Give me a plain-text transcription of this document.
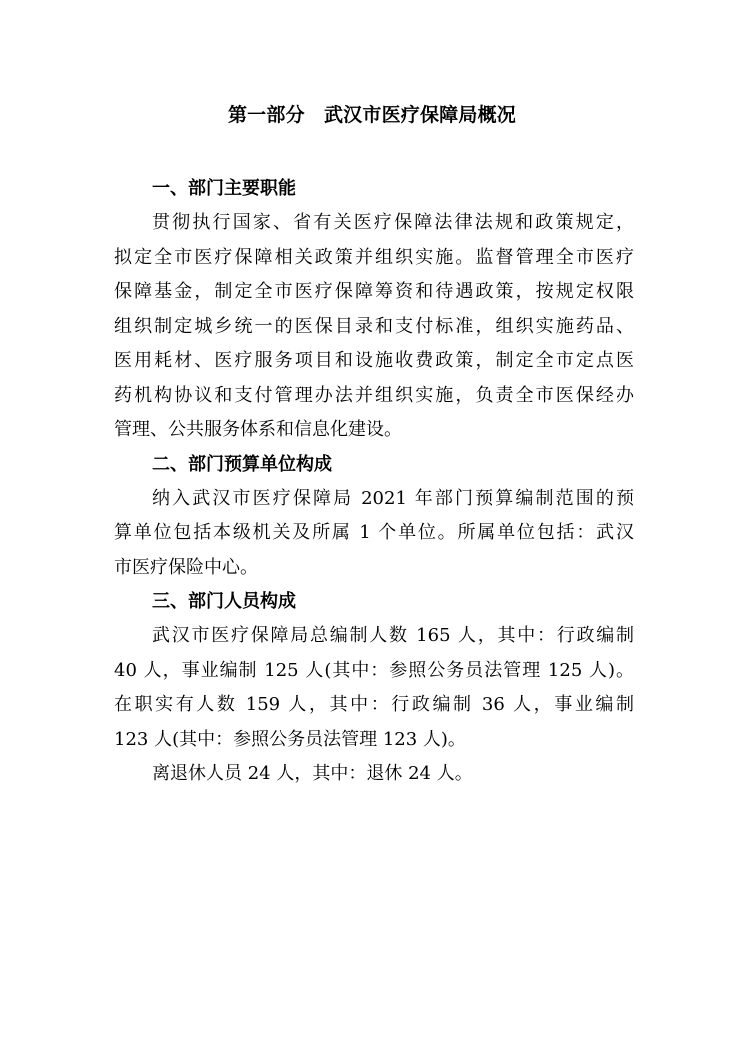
第一部分　武汉市医疗保障局概况
一、部门主要职能
贯彻执行国家、省有关医疗保障法律法规和政策规定，
拟定全市医疗保障相关政策并组织实施。监督管理全市医疗
保障基金，制定全市医疗保障筹资和待遇政策，按规定权限
组织制定城乡统一的医保目录和支付标准，组织实施药品、
医用耗材、医疗服务项目和设施收费政策，制定全市定点医
药机构协议和支付管理办法并组织实施，负责全市医保经办
管理、公共服务体系和信息化建设。
二、部门预算单位构成
纳入武汉市医疗保障局 2021 年部门预算编制范围的预
算单位包括本级机关及所属 1 个单位。所属单位包括：武汉
市医疗保险中心。
三、部门人员构成
武汉市医疗保障局总编制人数 165 人，其中：行政编制
40 人，事业编制 125 人(其中：参照公务员法管理 125 人)。
在职实有人数 159 人，其中：行政编制 36 人，事业编制
123 人(其中：参照公务员法管理 123 人)。
离退休人员 24 人，其中：退休 24 人。
